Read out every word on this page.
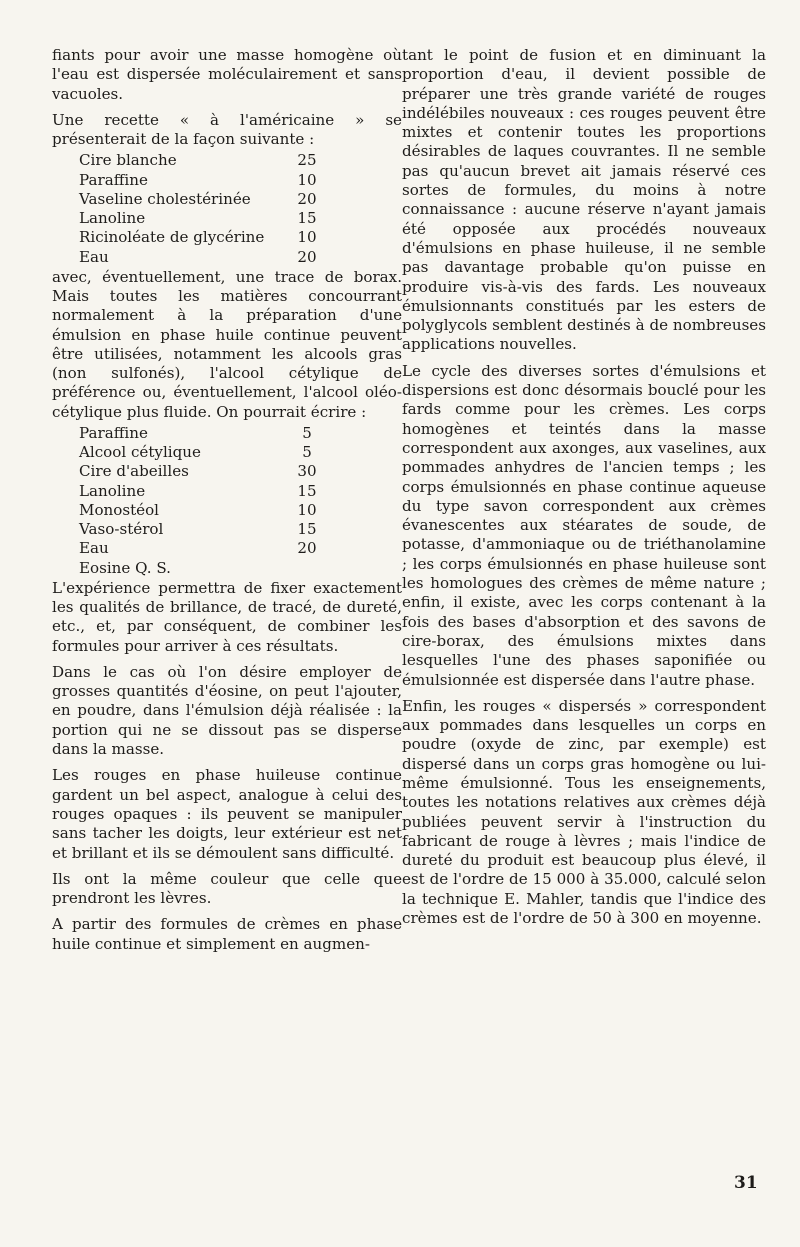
fiants pour avoir une masse homogène où l'eau est dispersée moléculairement et sans vacuoles.

Une recette « à l'américaine » se présenterait de la façon suivante :

Cire blanche	25
Paraffine	10
Vaseline cholestérinée	20
Lanoline	15
Ricinoléate de glycérine	10
Eau	20

avec, éventuellement, une trace de borax. Mais toutes les matières concourrant normalement à la préparation d'une émulsion en phase huile continue peuvent être utilisées, notamment les alcools gras (non sulfonés), l'alcool cétylique de préférence ou, éventuellement, l'alcool oléo-cétylique plus fluide. On pourrait écrire :

Paraffine	5
Alcool cétylique	5
Cire d'abeilles	30
Lanoline	15
Monostéol	10
Vaso-stérol	15
Eau	20
Eosine Q. S.	

L'expérience permettra de fixer exactement les qualités de brillance, de tracé, de dureté, etc., et, par conséquent, de combiner les formules pour arriver à ces résultats.

Dans le cas où l'on désire employer de grosses quantités d'éosine, on peut l'ajouter, en poudre, dans l'émulsion déjà réalisée : la portion qui ne se dissout pas se disperse dans la masse.

Les rouges en phase huileuse continue gardent un bel aspect, analogue à celui des rouges opaques : ils peuvent se manipuler sans tacher les doigts, leur extérieur est net et brillant et ils se démoulent sans difficulté.

Ils ont la même couleur que celle que prendront les lèvres.

A partir des formules de crèmes en phase huile continue et simplement en augmen-

tant le point de fusion et en diminuant la proportion d'eau, il devient possible de préparer une très grande variété de rouges indélébiles nouveaux : ces rouges peuvent être mixtes et contenir toutes les proportions désirables de laques couvrantes. Il ne semble pas qu'aucun brevet ait jamais réservé ces sortes de formules, du moins à notre connaissance : aucune réserve n'ayant jamais été opposée aux procédés nouveaux d'émulsions en phase huileuse, il ne semble pas davantage probable qu'on puisse en produire vis-à-vis des fards. Les nouveaux émulsionnants constitués par les esters de polyglycols semblent destinés à de nombreuses applications nouvelles.

Le cycle des diverses sortes d'émulsions et dispersions est donc désormais bouclé pour les fards comme pour les crèmes. Les corps homogènes et teintés dans la masse correspondent aux axonges, aux vaselines, aux pommades anhydres de l'ancien temps ; les corps émulsionnés en phase continue aqueuse du type savon correspondent aux crèmes évanescentes aux stéarates de soude, de potasse, d'ammoniaque ou de triéthanolamine ; les corps émulsionnés en phase huileuse sont les homologues des crèmes de même nature ; enfin, il existe, avec les corps contenant à la fois des bases d'absorption et des savons de cire-borax, des émulsions mixtes dans lesquelles l'une des phases saponifiée ou émulsionnée est dispersée dans l'autre phase.

Enfin, les rouges « dispersés » correspondent aux pommades dans lesquelles un corps en poudre (oxyde de zinc, par exemple) est dispersé dans un corps gras homogène ou lui-même émulsionné. Tous les enseignements, toutes les notations relatives aux crèmes déjà publiées peuvent servir à l'instruction du fabricant de rouge à lèvres ; mais l'indice de dureté du produit est beaucoup plus élevé, il est de l'ordre de 15 000 à 35.000, calculé selon la technique E. Mahler, tandis que l'indice des crèmes est de l'ordre de 50 à 300 en moyenne.

31
